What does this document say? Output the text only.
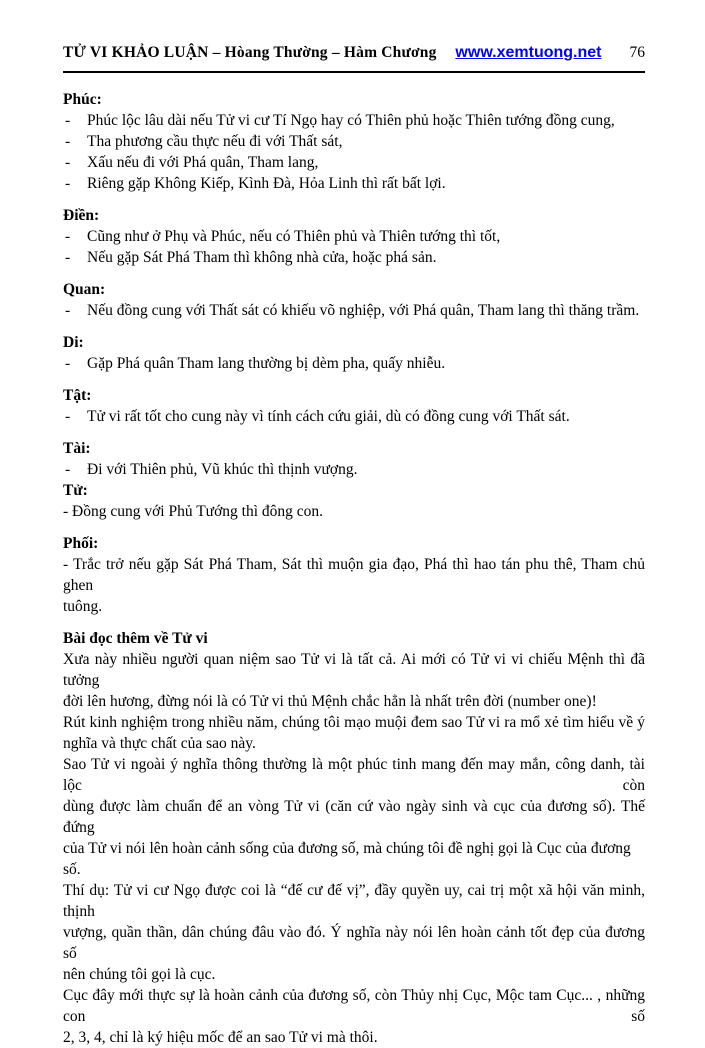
TỬ VI KHẢO LUẬN – Hòang Thường – Hàm Chương www.xemtuong.net 76
Phúc:
-	Phúc lộc lâu dài nếu Tử vi cư Tí Ngọ hay có Thiên phủ hoặc Thiên tướng đồng cung,
-	Tha phương cầu thực nếu đi với Thất sát,
-	Xấu nếu đi với Phá quân, Tham lang,
-	Riêng gặp Không Kiếp, Kình Đà, Hỏa Linh thì rất bất lợi.
Điền:
-	Cũng như ở Phụ và Phúc, nếu có Thiên phủ và Thiên tướng thì tốt,
-	Nếu gặp Sát Phá Tham thì không nhà cửa, hoặc phá sản.
Quan:
-	Nếu đồng cung với Thất sát có khiếu võ nghiệp, với Phá quân, Tham lang thì thăng trầm.
Di:
-	Gặp Phá quân Tham lang thường bị dèm pha, quấy nhiễu.
Tật:
-	Tử vi rất tốt cho cung này vì tính cách cứu giải, dù có đồng cung với Thất sát.
Tài:
-	Đi với Thiên phủ, Vũ khúc thì thịnh vượng.
Tử:
- Đồng cung với Phủ Tướng thì đông con.
Phối:
- Trắc trở nếu gặp Sát Phá Tham, Sát thì muộn gia đạo, Phá thì hao tán phu thê, Tham chủ ghen
tuông.
Bài đọc thêm về Tử vi
Xưa này nhiều người quan niệm sao Tử vi là tất cả. Ai mới có Tử vi vi chiếu Mệnh thì đã tưởng
đời lên hương, đừng nói là có Tử vi thủ Mệnh chắc hẳn là nhất trên đời (number one)!
Rút kinh nghiệm trong nhiều năm, chúng tôi mạo muội đem sao Tử vi ra mổ xẻ tìm hiểu về ý
nghĩa và thực chất của sao này.
Sao Tử vi ngoài ý nghĩa thông thường là một phúc tinh mang đến may mắn, công danh, tài lộc còn
dùng được làm chuẩn để an vòng Tử vi (căn cứ vào ngày sinh và cục của đương số). Thế đứng
của Tử vi nói lên hoàn cảnh sống của đương số, mà chúng tôi đề nghị gọi là Cục của đương số.
Thí dụ: Tử vi cư Ngọ được coi là “đế cư đế vị”, đầy quyền uy, cai trị một xã hội văn minh, thịnh
vượng, quần thần, dân chúng đâu vào đó. Ý nghĩa này nói lên hoàn cảnh tốt đẹp của đương số
nên chúng tôi gọi là cục.
Cục đây mới thực sự là hoàn cảnh của đương số, còn Thủy nhị Cục, Mộc tam Cục... , những con số
2, 3, 4, chỉ là ký hiệu mốc để an sao Tử vi mà thôi.
